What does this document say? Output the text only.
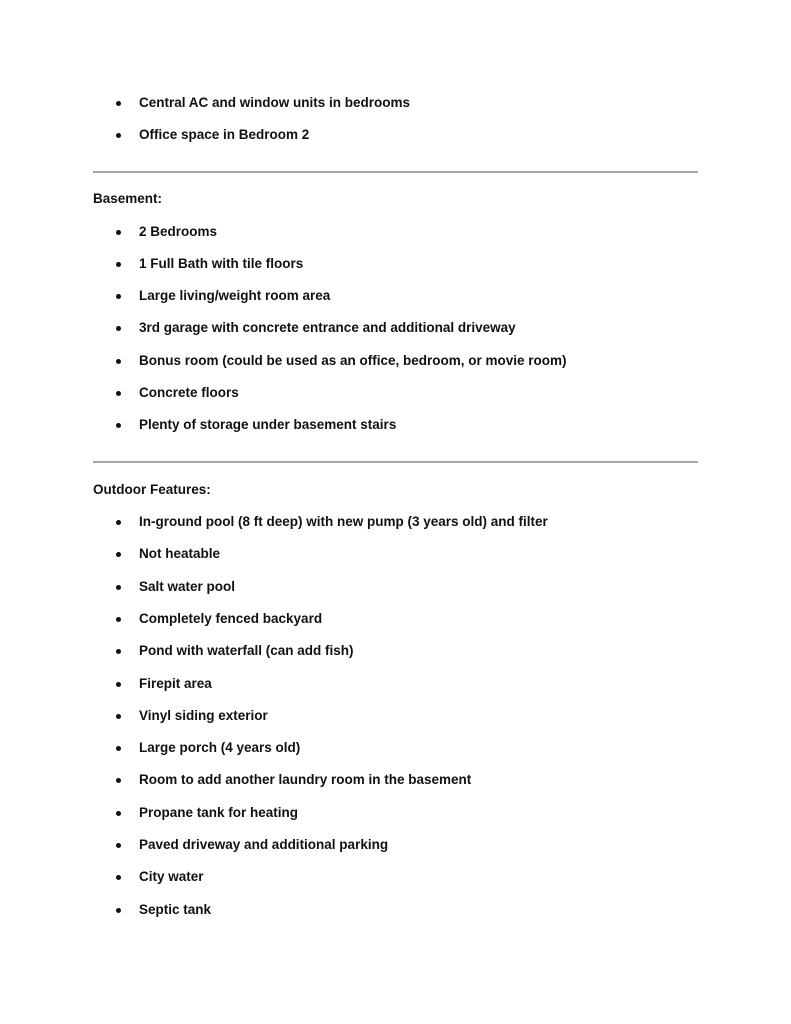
Central AC and window units in bedrooms
Office space in Bedroom 2
Basement:
2 Bedrooms
1 Full Bath with tile floors
Large living/weight room area
3rd garage with concrete entrance and additional driveway
Bonus room (could be used as an office, bedroom, or movie room)
Concrete floors
Plenty of storage under basement stairs
Outdoor Features:
In-ground pool (8 ft deep) with new pump (3 years old) and filter
Not heatable
Salt water pool
Completely fenced backyard
Pond with waterfall (can add fish)
Firepit area
Vinyl siding exterior
Large porch (4 years old)
Room to add another laundry room in the basement
Propane tank for heating
Paved driveway and additional parking
City water
Septic tank
